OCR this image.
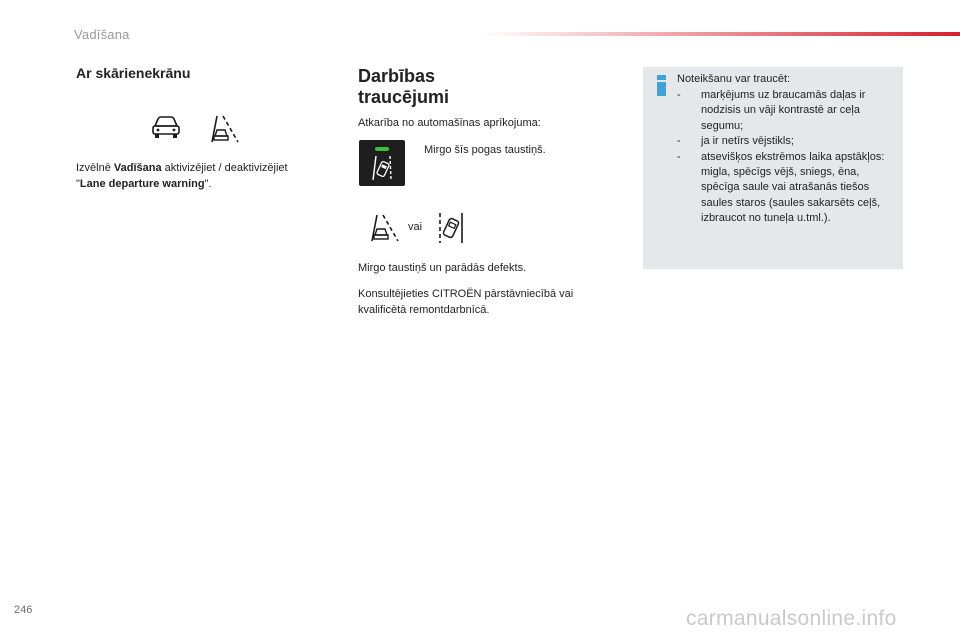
Vadīšana
Ar skārienekrānu
Izvēlnē Vadīšana aktivizējiet / deaktivizējiet
"Lane departure warning".
Darbības
traucējumi
Atkarība no automašīnas aprīkojuma:
Mirgo šīs pogas taustiņš.
vai
Mirgo taustiņš un parādās defekts.
Konsultējieties CITROËN pārstāvniecībā vai kvalificētā remontdarbnīcā.
Noteikšanu var traucēt:
- marķējums uz braucamās daļas ir nodzisis un vāji kontrastē ar ceļa segumu;
- ja ir netīrs vējstikls;
- atsevišķos ekstrēmos laika apstākļos: migla, spēcīgs vējš, sniegs, ēna, spēcīga saule vai atrašanās tiešos saules staros (saules sakarsēts ceļš, izbraucot no tuneļa u.tml.).
246	carmanualsonline.info
